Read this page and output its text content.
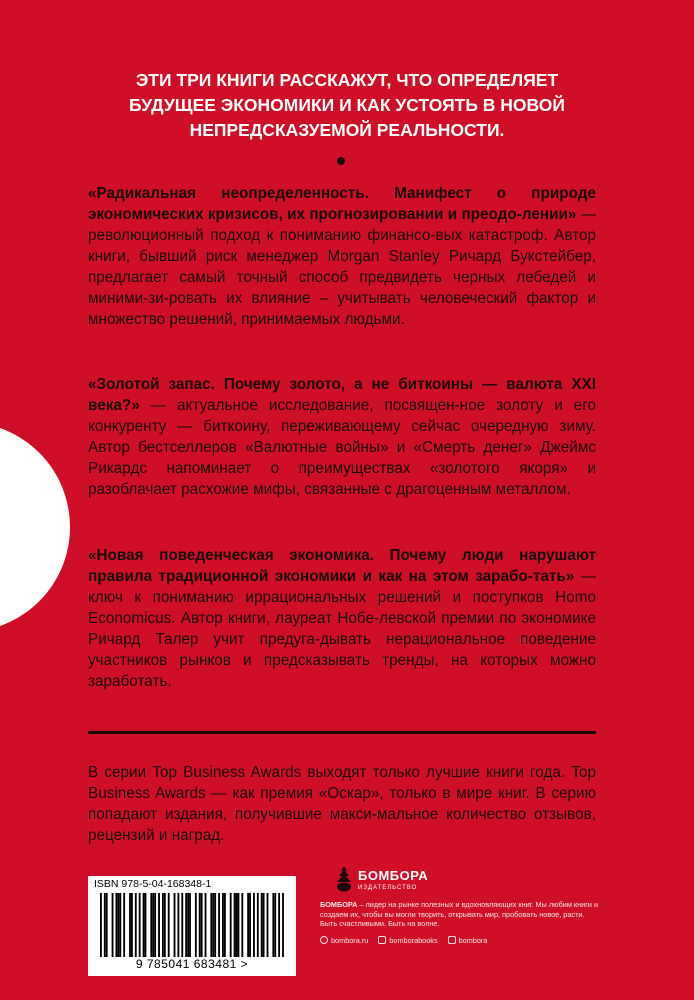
ЭТИ ТРИ КНИГИ РАССКАЖУТ, ЧТО ОПРЕДЕЛЯЕТ
БУДУЩЕЕ ЭКОНОМИКИ И КАК УСТОЯТЬ В НОВОЙ
НЕПРЕДСКАЗУЕМОЙ РЕАЛЬНОСТИ.

«Радикальная неопределенность. Манифест о природе экономических кризисов, их прогнозировании и преодо-лении» — революционный подход к пониманию финансо-вых катастроф. Автор книги, бывший риск менеджер Morgan Stanley Ричард Букстейбер, предлагает самый точный способ предвидеть черных лебедей и миними-зи-ровать их влияние – учитывать человеческий фактор и множество решений, принимаемых людьми.

«Золотой запас. Почему золото, а не биткоины — валюта XXI века?» — актуальное исследование, посвящен-ное золоту и его конкуренту — биткоину, переживающему сейчас очередную зиму. Автор бестселлеров «Валютные войны» и «Смерть денег» Джеймс Рикардс напоминает о преимуществах «золотого якоря» и разоблачает расхожие мифы, связанные с драгоценным металлом.

«Новая поведенческая экономика. Почему люди нарушают правила традиционной экономики и как на этом зарабо-тать» — ключ к пониманию иррациональных решений и поступков Homo Economicus. Автор книги, лауреат Нобе-левской премии по экономике Ричард Талер учит предуга-дывать нерациональное поведение участников рынков и предсказывать тренды, на которых можно заработать.

В серии Top Business Awards выходят только лучшие книги года. Top Business Awards — как премия «Оскар», только в мире книг. В серию попадают издания, получившие макси-мальное количество отзывов, рецензий и наград.

ISBN 978-5-04-168348-1
9 785041 683481 >
БОМБОРА
ИЗДАТЕЛЬСТВО
БОМБОРА – лидер на рынке полезных и вдохновляющих книг. Мы любим книги и создаем их, чтобы вы могли творить, открывать мир, пробовать новое, расти. Быть счастливыми. Быть на волне.
bombora.ru	bomborabooks	bombora
